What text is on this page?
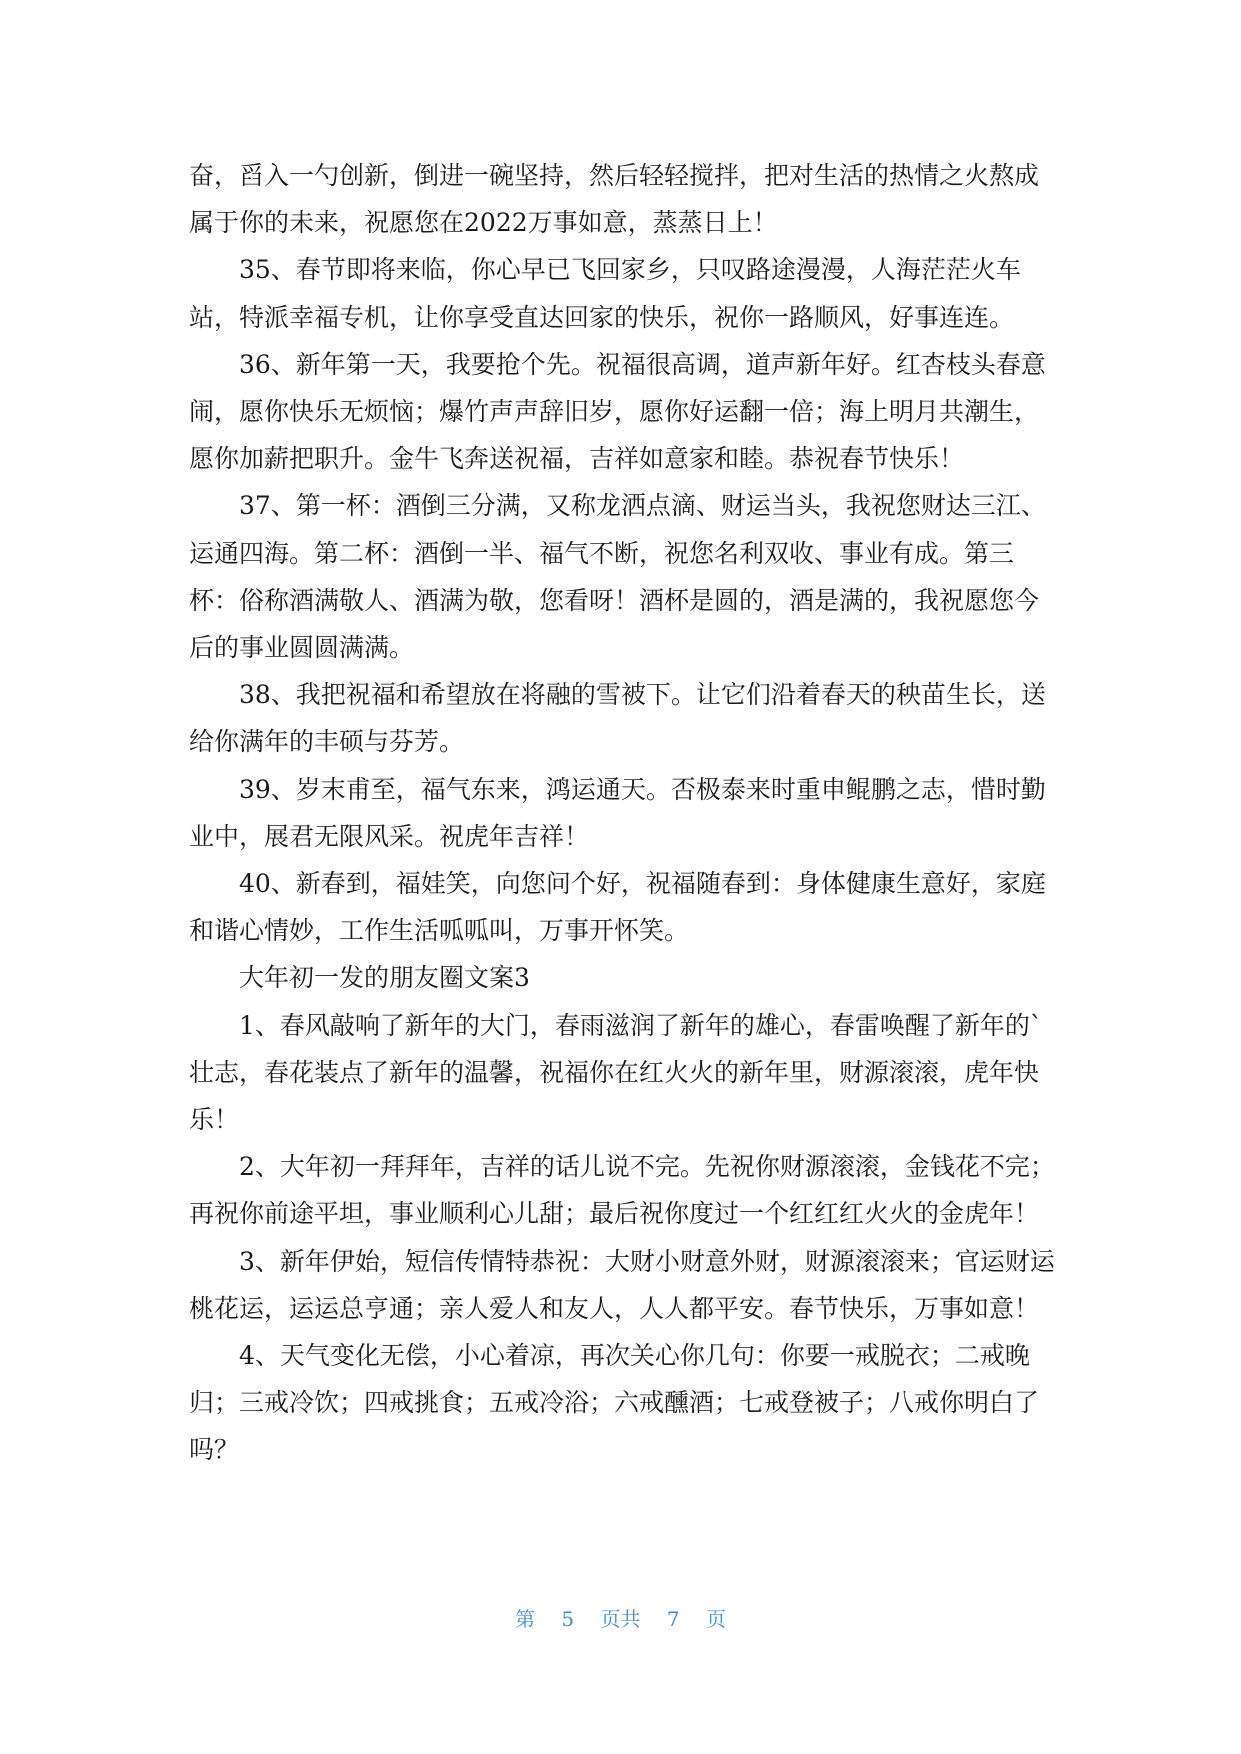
奋，舀入一勺创新，倒进一碗坚持，然后轻轻搅拌，把对生活的热情之火熬成属于你的未来，祝愿您在2022万事如意，蒸蒸日上！

35、春节即将来临，你心早已飞回家乡，只叹路途漫漫，人海茫茫火车站，特派幸福专机，让你享受直达回家的快乐，祝你一路顺风，好事连连。

36、新年第一天，我要抢个先。祝福很高调，道声新年好。红杏枝头春意闹，愿你快乐无烦恼；爆竹声声辞旧岁，愿你好运翻一倍；海上明月共潮生，愿你加薪把职升。金牛飞奔送祝福，吉祥如意家和睦。恭祝春节快乐！

37、第一杯：酒倒三分满，又称龙洒点滴、财运当头，我祝您财达三江、运通四海。第二杯：酒倒一半、福气不断，祝您名利双收、事业有成。第三杯：俗称酒满敬人、酒满为敬，您看呀！酒杯是圆的，酒是满的，我祝愿您今后的事业圆圆满满。

38、我把祝福和希望放在将融的雪被下。让它们沿着春天的秧苗生长，送给你满年的丰硕与芬芳。

39、岁末甫至，福气东来，鸿运通天。否极泰来时重申鲲鹏之志，惜时勤业中，展君无限风采。祝虎年吉祥！

40、新春到，福娃笑，向您问个好，祝福随春到：身体健康生意好，家庭和谐心情妙，工作生活呱呱叫，万事开怀笑。

大年初一发的朋友圈文案3

1、春风敲响了新年的大门，春雨滋润了新年的雄心，春雷唤醒了新年的`壮志，春花装点了新年的温馨，祝福你在红火火的新年里，财源滚滚，虎年快乐！

2、大年初一拜拜年，吉祥的话儿说不完。先祝你财源滚滚，金钱花不完；再祝你前途平坦，事业顺利心儿甜；最后祝你度过一个红红红火火的金虎年！

3、新年伊始，短信传情特恭祝：大财小财意外财，财源滚滚来；官运财运桃花运，运运总亨通；亲人爱人和友人，人人都平安。春节快乐，万事如意！

4、天气变化无偿，小心着凉，再次关心你几句：你要一戒脱衣；二戒晚归；三戒冷饮；四戒挑食；五戒冷浴；六戒醺酒；七戒登被子；八戒你明白了吗？

第 5 页共 7 页
